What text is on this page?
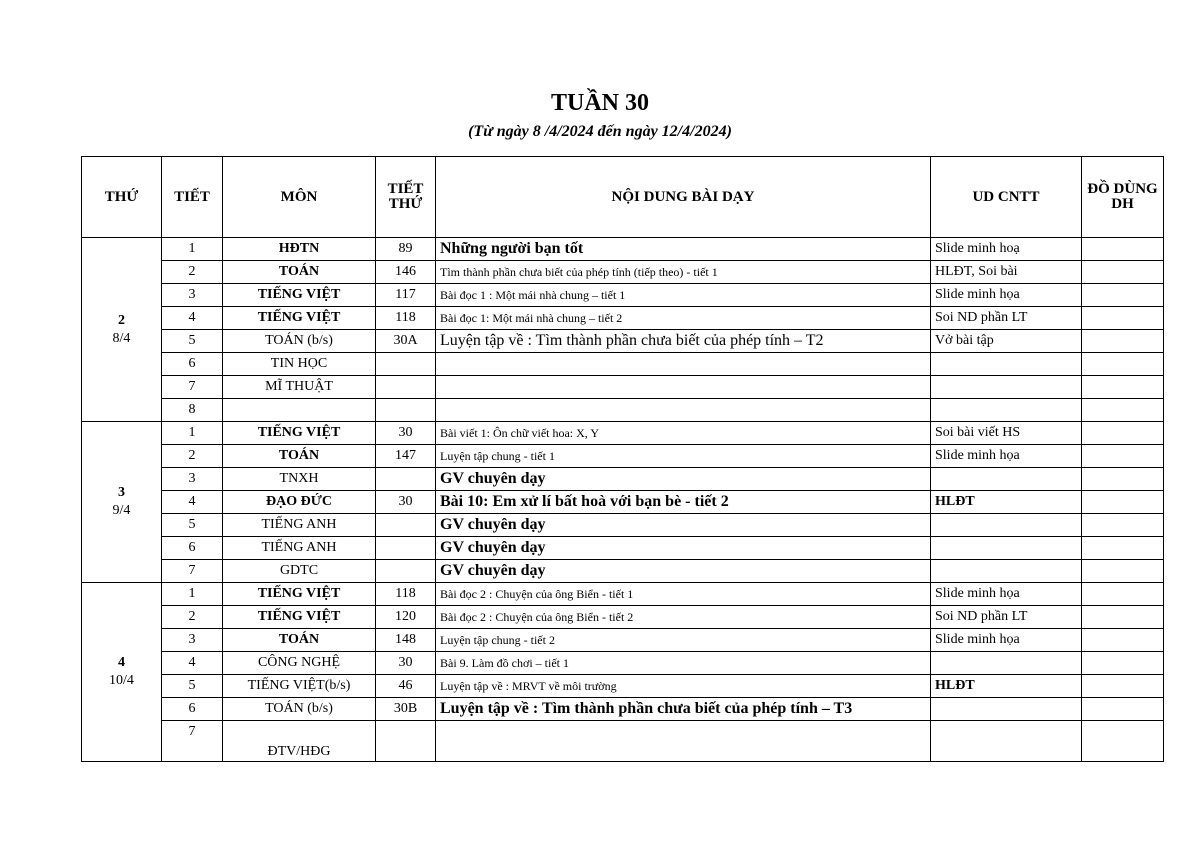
TUẦN 30
(Từ ngày 8 /4/2024 đến ngày 12/4/2024)
THỨ	TIẾT	MÔN	TIẾT THỨ	NỘI DUNG BÀI DẠY	UD CNTT	ĐỒ DÙNG DH

2
8/4	1	HĐTN	89	Những người bạn tốt	Slide minh hoạ	
	2	TOÁN	146	Tìm thành phần chưa biết của phép tính (tiếp theo) - tiết 1	HLĐT, Soi bài	
	3	TIẾNG VIỆT	117	Bài đọc 1 : Một mái nhà chung – tiết 1	Slide minh họa	
	4	TIẾNG VIỆT	118	Bài đọc 1: Một mái nhà chung – tiết 2	Soi ND phần LT	
	5	TOÁN (b/s)	30A	Luyện tập về : Tìm thành phần chưa biết của phép tính – T2	Vở bài tập	
	6	TIN HỌC				
	7	MĨ THUẬT				
	8					

3
9/4	1	TIẾNG VIỆT	30	Bài viết 1: Ôn chữ viết hoa: X, Y	Soi bài viết HS	
	2	TOÁN	147	Luyện tập chung - tiết 1	Slide minh họa	
	3	TNXH		GV chuyên dạy		
	4	ĐẠO ĐỨC	30	Bài 10: Em xử lí bất hoà với bạn bè - tiết 2	HLĐT	
	5	TIẾNG ANH		GV chuyên dạy		
	6	TIẾNG ANH		GV chuyên dạy		
	7	GDTC		GV chuyên dạy		

4
10/4	1	TIẾNG VIỆT	118	Bài đọc 2 : Chuyện của ông Biển - tiết 1	Slide minh họa	
	2	TIẾNG VIỆT	120	Bài đọc 2 : Chuyện của ông Biển - tiết 2	Soi ND phần LT	
	3	TOÁN	148	Luyện tập chung - tiết 2	Slide minh họa	
	4	CÔNG NGHỆ	30	Bài 9. Làm đồ chơi – tiết 1		
	5	TIẾNG VIỆT(b/s)	46	Luyện tập về : MRVT về môi trường	HLĐT	
	6	TOÁN (b/s)	30B	Luyện tập về : Tìm thành phần chưa biết của phép tính – T3		
	7	ĐTV/HĐG				
